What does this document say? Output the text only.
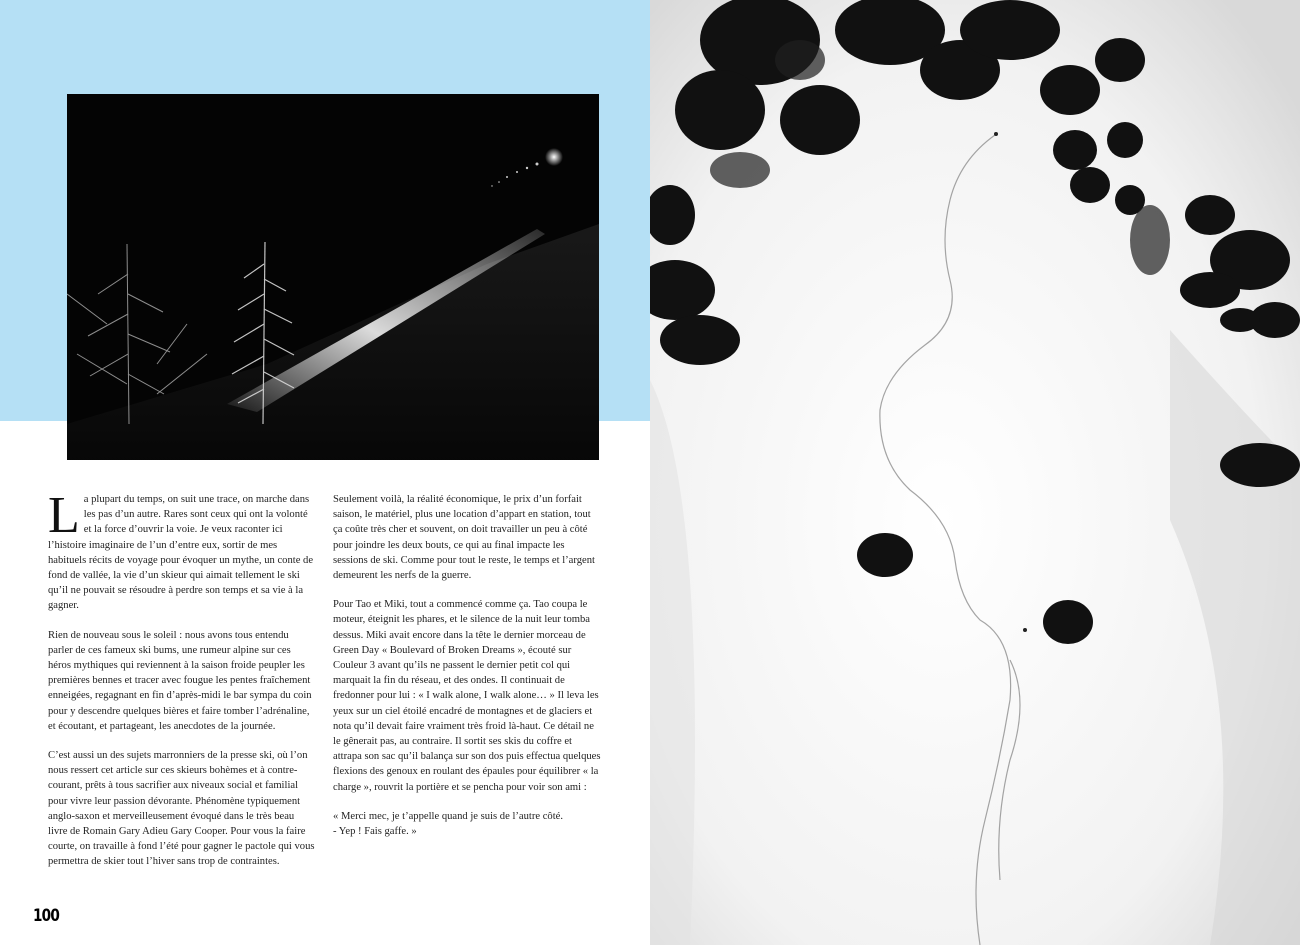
La plupart du temps, on suit une trace, on marche dans les pas d’un autre. Rares sont ceux qui ont la volonté et la force d’ouvrir la voie. Je veux raconter ici l’histoire imaginaire de l’un d’entre eux, sortir de mes habituels récits de voyage pour évoquer un mythe, un conte de fond de vallée, la vie d’un skieur qui aimait tellement le ski qu’il ne pouvait se résoudre à perdre son temps et sa vie à la gagner.

Rien de nouveau sous le soleil : nous avons tous entendu parler de ces fameux ski bums, une rumeur alpine sur ces héros mythiques qui reviennent à la saison froide peupler les premières bennes et tracer avec fougue les pentes fraîchement enneigées, regagnant en fin d’après-midi le bar sympa du coin pour y descendre quelques bières et faire tomber l’adrénaline, et écoutant, et partageant, les anecdotes de la journée.

C’est aussi un des sujets marronniers de la presse ski, où l’on nous ressert cet article sur ces skieurs bohèmes et à contre-courant, prêts à tous sacrifier aux niveaux social et familial pour vivre leur passion dévorante. Phénomène typiquement anglo-saxon et merveilleusement évoqué dans le très beau livre de Romain Gary Adieu Gary Cooper. Pour vous la faire courte, on travaille à fond l’été pour gagner le pactole qui vous permettra de skier tout l’hiver sans trop de contraintes.

Seulement voilà, la réalité économique, le prix d’un forfait saison, le matériel, plus une location d’appart en station, tout ça coûte très cher et souvent, on doit travailler un peu à côté pour joindre les deux bouts, ce qui au final impacte les sessions de ski. Comme pour tout le reste, le temps et l’argent demeurent les nerfs de la guerre.

Pour Tao et Miki, tout a commencé comme ça. Tao coupa le moteur, éteignit les phares, et le silence de la nuit leur tomba dessus. Miki avait encore dans la tête le dernier morceau de Green Day « Boulevard of Broken Dreams », écouté sur Couleur 3 avant qu’ils ne passent le dernier petit col qui marquait la fin du réseau, et des ondes. Il continuait de fredonner pour lui : « I walk alone, I walk alone… » Il leva les yeux sur un ciel étoilé encadré de montagnes et de glaciers et nota qu’il devait faire vraiment très froid là-haut. Ce détail ne le gênerait pas, au contraire. Il sortit ses skis du coffre et attrapa son sac qu’il balança sur son dos puis effectua quelques flexions des genoux en roulant des épaules pour équilibrer « la charge », rouvrit la portière et se pencha pour voir son ami :

« Merci mec, je t’appelle quand je suis de l’autre côté.

- Yep ! Fais gaffe. »

100
